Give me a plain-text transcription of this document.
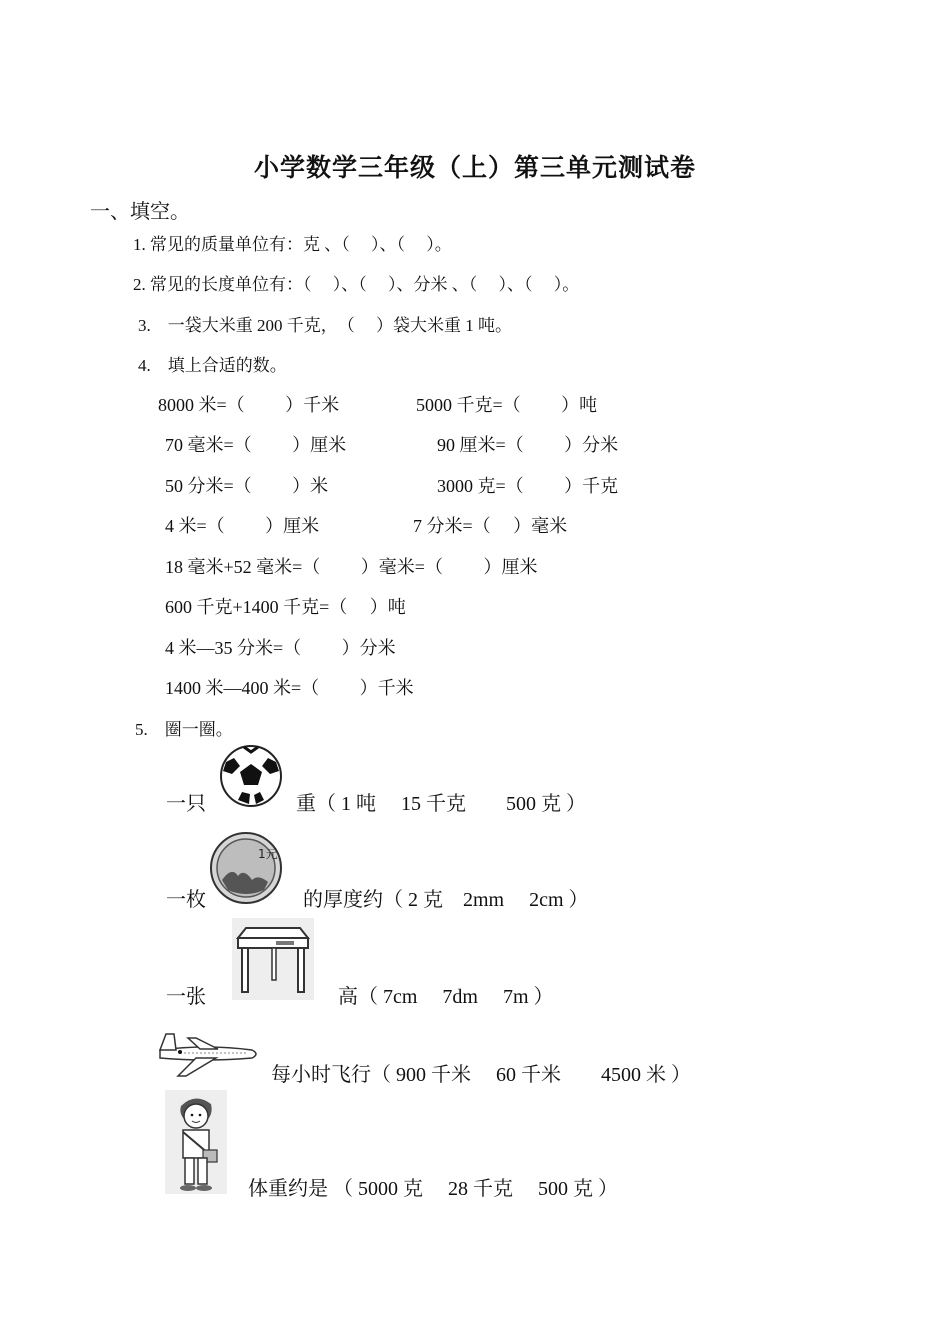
小学数学三年级（上）第三单元测试卷
一、填空。
1. 常见的质量单位有：克 、（　 ）、（　 ）。
2. 常见的长度单位有：（　 ）、（　 ）、分米 、（　 ）、（　 ）。
3.　一袋大米重 200 千克，　（　 ）袋大米重 1 吨。
4.　填上合适的数。
8000 米=（　　 ）千米	5000 千克=（　　 ）吨
70 毫米=（　　 ）厘米	90 厘米=（　　 ）分米
50 分米=（　　 ）米	3000 克=（　　 ）千克
4 米=（　　 ）厘米	7 分米=（　 ）毫米
18 毫米+52 毫米=（　　 ）毫米=（　　 ）厘米
600 千克+1400 千克=（　 ）吨
4 米—35 分米=（　　 ）分米
1400 米—400 米=（　　 ）千米
5.　圈一圈。
一只	重（ 1 吨　 15 千克　　500 克 ）
1元
一枚	的厚度约（ 2 克　2mm　 2cm ）
一张	高（ 7cm　 7dm　 7m ）
每小时飞行（ 900 千米　 60 千米　　4500 米 ）
体重约是 （ 5000 克　 28 千克　 500 克 ）
